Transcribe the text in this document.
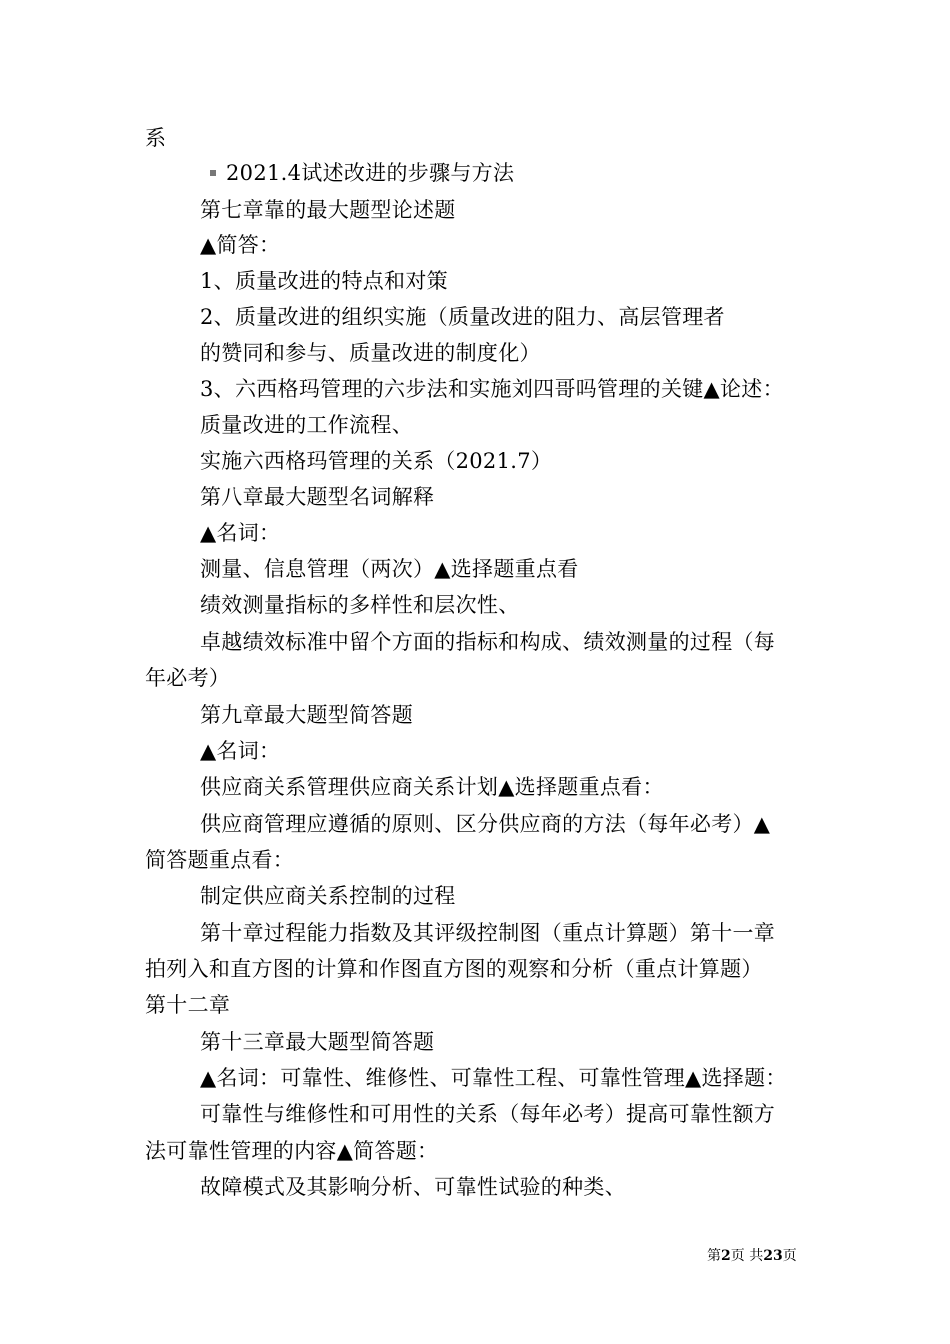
系
2021.4试述改进的步骤与方法
第七章靠的最大题型论述题
▲简答：
1、质量改进的特点和对策
2、质量改进的组织实施（质量改进的阻力、高层管理者
的赞同和参与、质量改进的制度化）
3、六西格玛管理的六步法和实施刘四哥吗管理的关键▲论述：
质量改进的工作流程、
实施六西格玛管理的关系（2021.7）
第八章最大题型名词解释
▲名词：
测量、信息管理（两次）▲选择题重点看
绩效测量指标的多样性和层次性、
卓越绩效标准中留个方面的指标和构成、绩效测量的过程（每
年必考）
第九章最大题型简答题
▲名词：
供应商关系管理供应商关系计划▲选择题重点看：
供应商管理应遵循的原则、区分供应商的方法（每年必考）▲
简答题重点看：
制定供应商关系控制的过程
第十章过程能力指数及其评级控制图（重点计算题）第十一章
拍列入和直方图的计算和作图直方图的观察和分析（重点计算题）
第十二章
第十三章最大题型简答题
▲名词：可靠性、维修性、可靠性工程、可靠性管理▲选择题：
可靠性与维修性和可用性的关系（每年必考）提高可靠性额方
法可靠性管理的内容▲简答题：
故障模式及其影响分析、可靠性试验的种类、
第2页 共23页
